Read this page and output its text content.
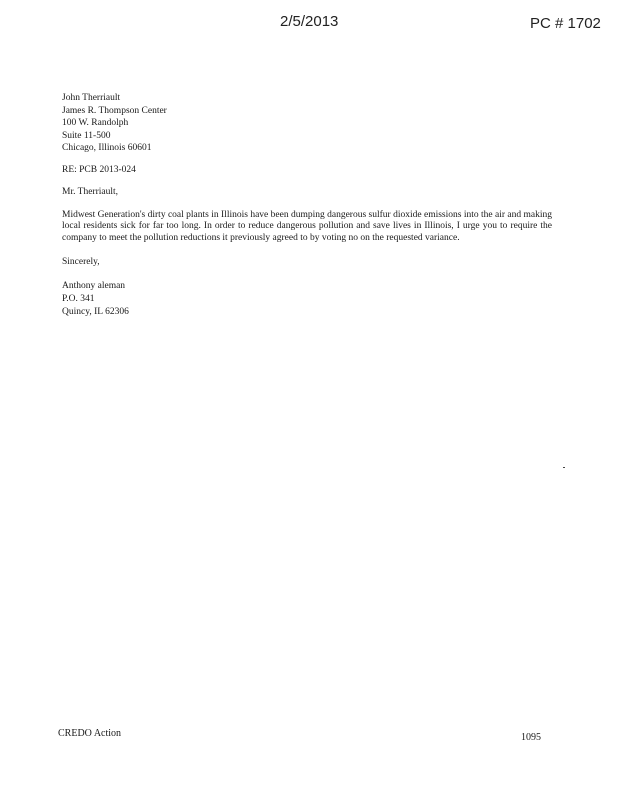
2/5/2013	PC # 1702
John Therriault
James R. Thompson Center
100 W. Randolph
Suite 11-500
Chicago, Illinois 60601
RE: PCB 2013-024
Mr. Therriault,
Midwest Generation's dirty coal plants in Illinois have been dumping dangerous sulfur dioxide emissions into the air and making local residents sick for far too long. In order to reduce dangerous pollution and save lives in Illinois, I urge you to require the company to meet the pollution reductions it previously agreed to by voting no on the requested variance.
Sincerely,
Anthony aleman
P.O. 341
Quincy, IL 62306
CREDO Action	1095
